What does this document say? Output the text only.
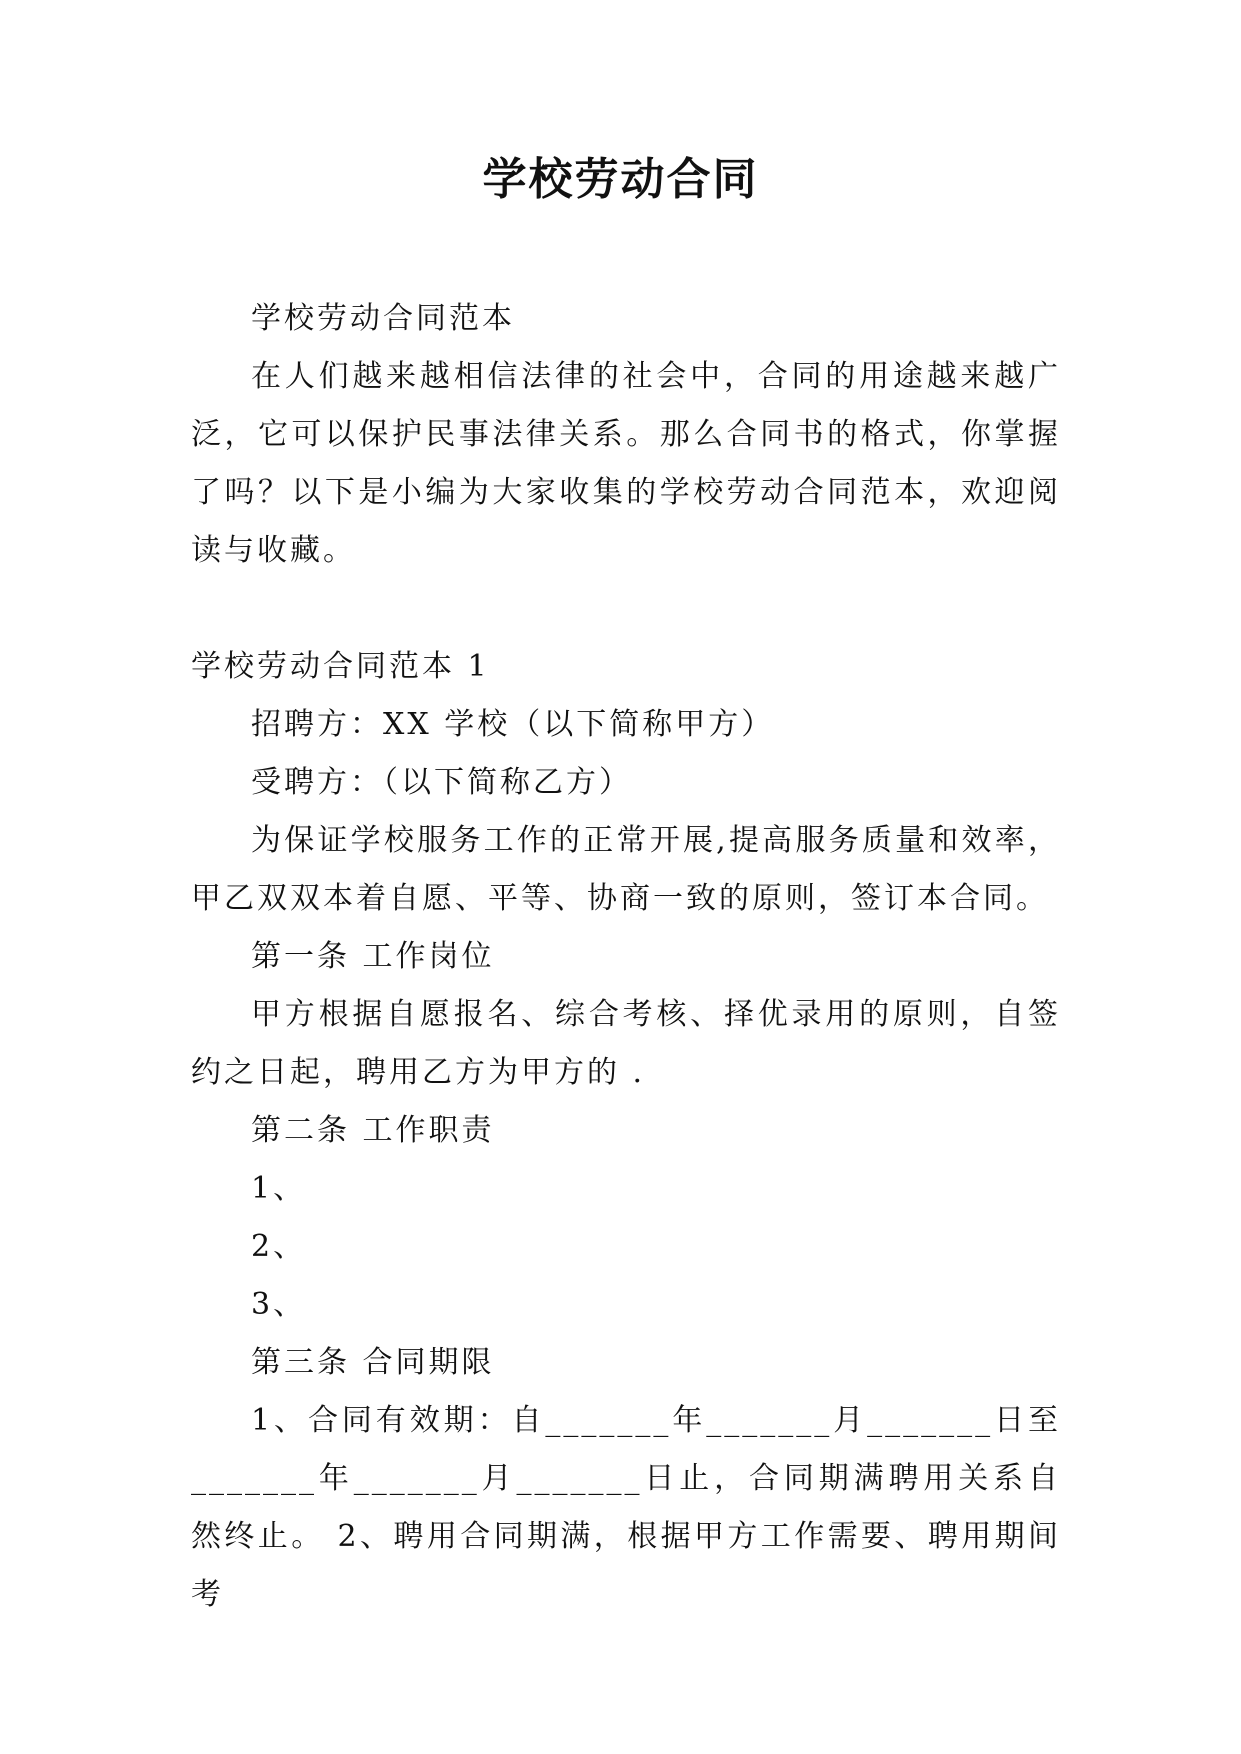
学校劳动合同

学校劳动合同范本

在人们越来越相信法律的社会中，合同的用途越来越广泛，它可以保护民事法律关系。那么合同书的格式，你掌握了吗？以下是小编为大家收集的学校劳动合同范本，欢迎阅读与收藏。

学校劳动合同范本 1

招聘方：XX 学校（以下简称甲方）

受聘方：（以下简称乙方）

为保证学校服务工作的正常开展,提高服务质量和效率，甲乙双双本着自愿、平等、协商一致的原则，签订本合同。

第一条 工作岗位

甲方根据自愿报名、综合考核、择优录用的原则，自签约之日起，聘用乙方为甲方的 .

第二条 工作职责

1、

2、

3、

第三条 合同期限

1、合同有效期：自_______年_______月_______日至_______年_______月_______日止，合同期满聘用关系自然终止。 2、聘用合同期满，根据甲方工作需要、聘用期间考
